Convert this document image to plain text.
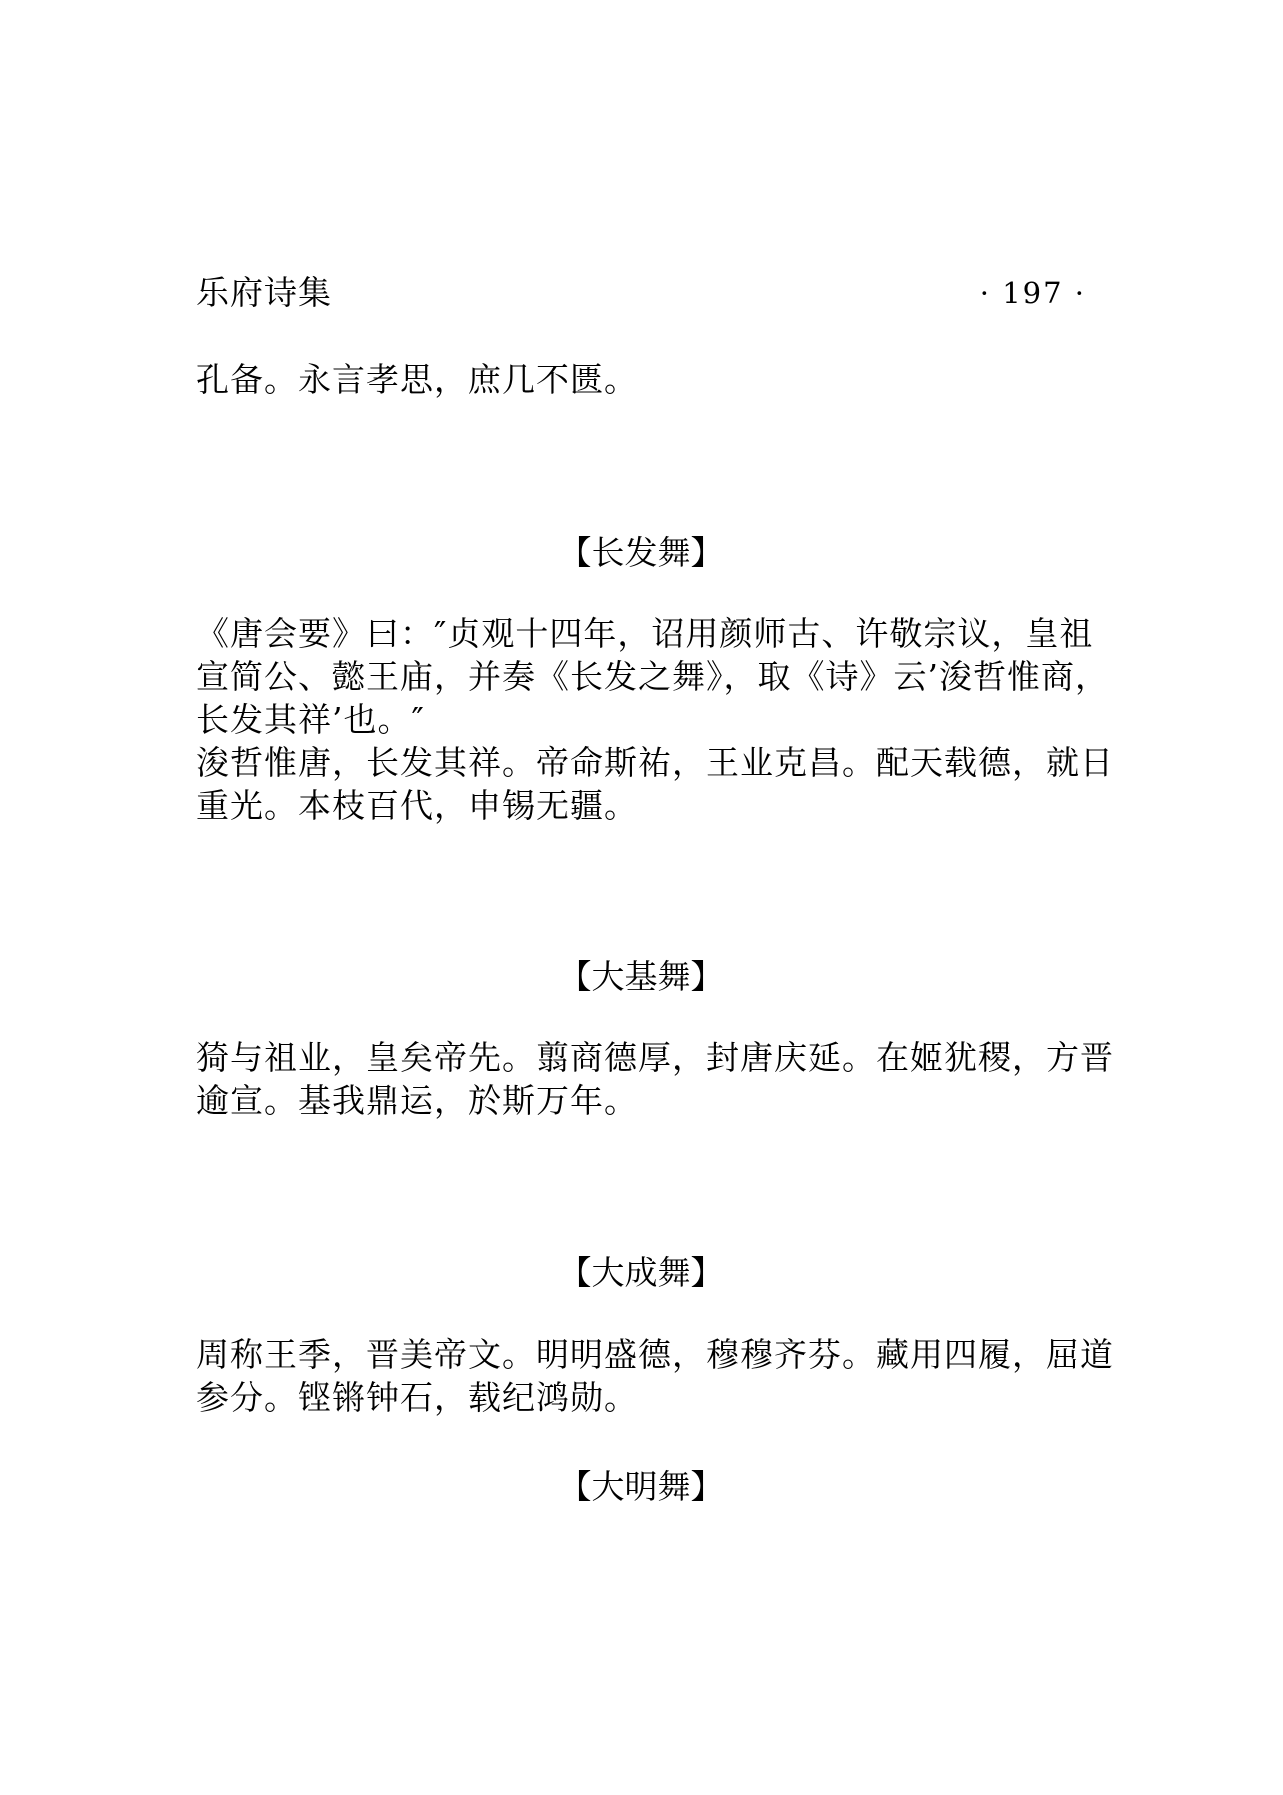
乐府诗集	· 197 ·

孔备。永言孝思，庶几不匮。

【长发舞】
《唐会要》曰：″贞观十四年，诏用颜师古、许敬宗议，皇祖
宣简公、懿王庙，并奏《长发之舞》，取《诗》云’浚哲惟商，
长发其祥’也。″
浚哲惟唐，长发其祥。帝命斯祐，王业克昌。配天载德，就日
重光。本枝百代，申锡无疆。
【大基舞】
猗与祖业，皇矣帝先。翦商德厚，封唐庆延。在姬犹稷，方晋
逾宣。基我鼎运，於斯万年。
【大成舞】
周称王季，晋美帝文。明明盛德，穆穆齐芬。藏用四履，屈道
参分。铿锵钟石，载纪鸿勋。
【大明舞】
